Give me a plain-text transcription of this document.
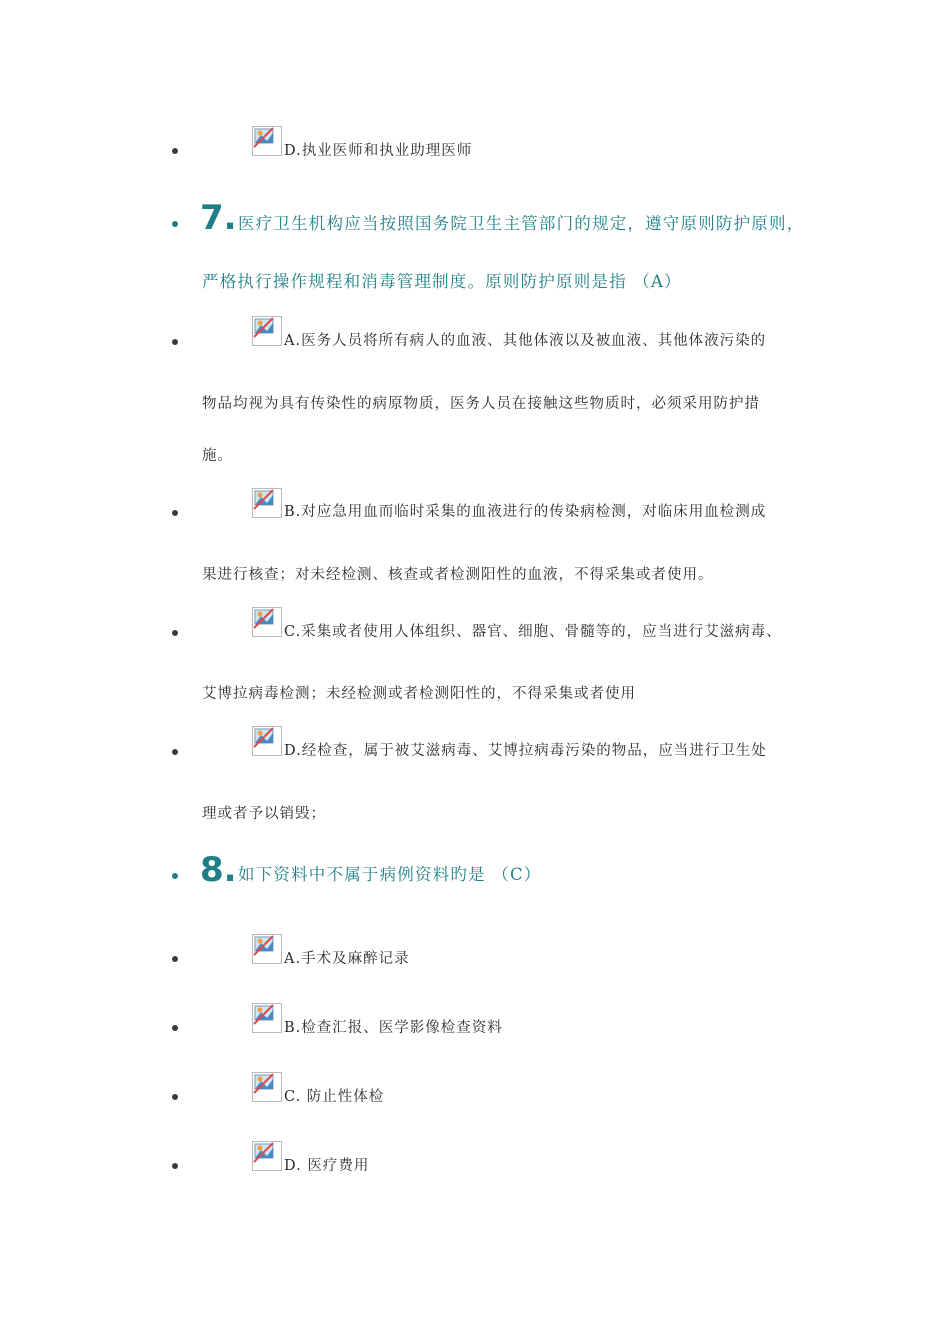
D.执业医师和执业助理医师
7. 医疗卫生机构应当按照国务院卫生主管部门的规定，遵守原则防护原则，
严格执行操作规程和消毒管理制度。原则防护原则是指 （A）
A.医务人员将所有病人的血液、其他体液以及被血液、其他体液污染的
物品均视为具有传染性的病原物质，医务人员在接触这些物质时，必须采用防护措
施。
B.对应急用血而临时采集的血液进行的传染病检测，对临床用血检测成
果进行核查；对未经检测、核查或者检测阳性的血液，不得采集或者使用。
C.采集或者使用人体组织、器官、细胞、骨髓等的，应当进行艾滋病毒、
艾博拉病毒检测；未经检测或者检测阳性的，不得采集或者使用
D.经检查，属于被艾滋病毒、艾博拉病毒污染的物品，应当进行卫生处
理或者予以销毁；
8. 如下资料中不属于病例资料旳是 （C）
A.手术及麻醉记录
B.检查汇报、医学影像检查资料
C. 防止性体检
D. 医疗费用
